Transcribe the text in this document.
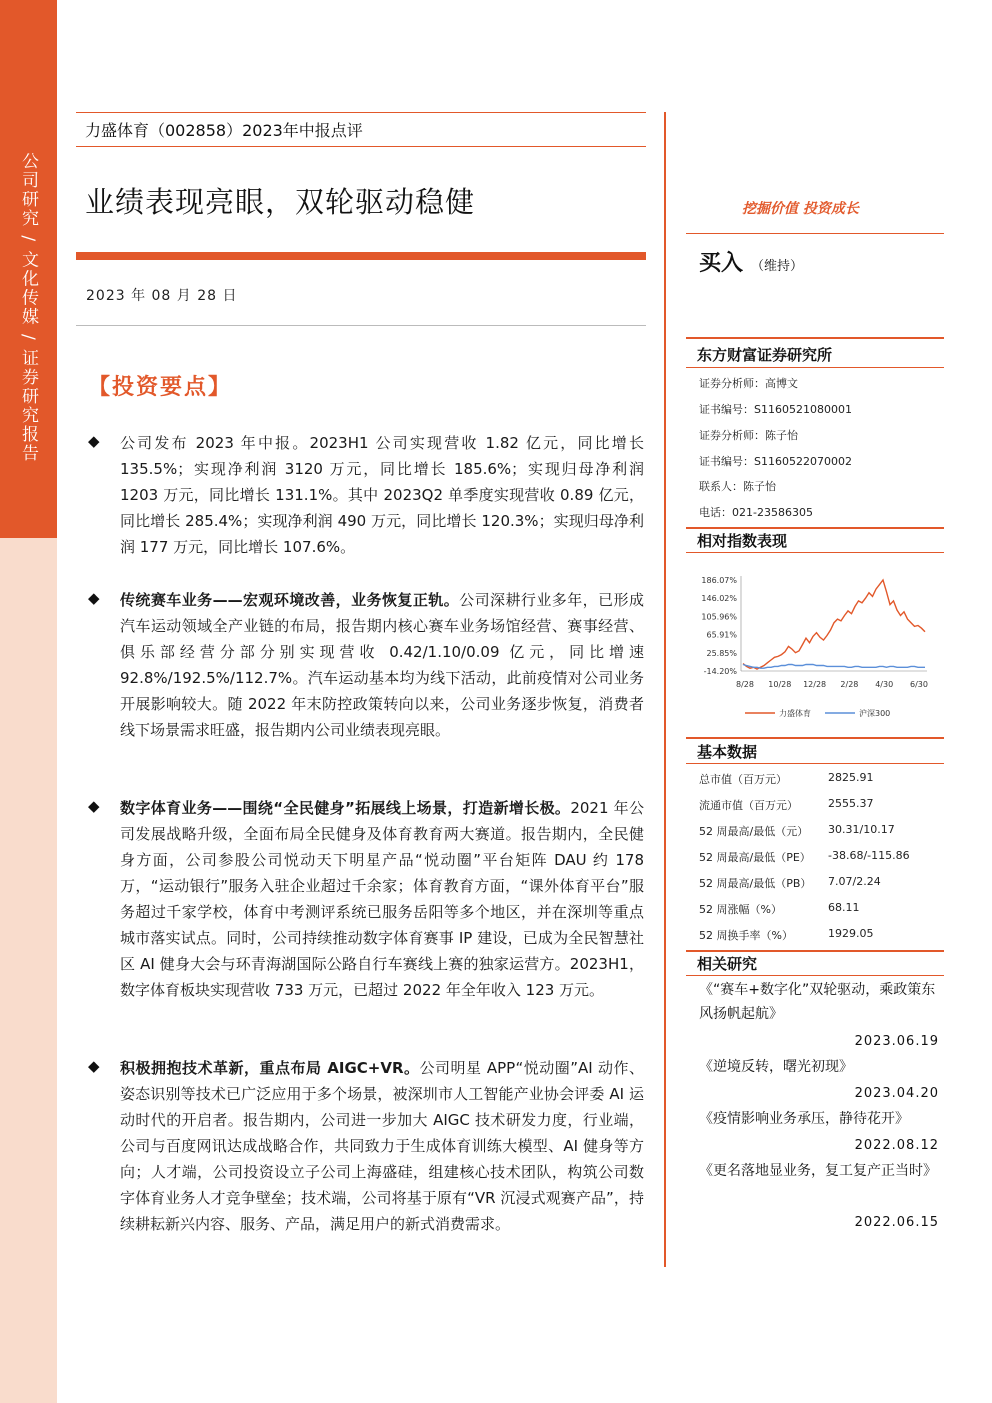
公司研究 / 文化传媒 / 证券研究报告
力盛体育（002858）2023年中报点评
业绩表现亮眼，双轮驱动稳健
2023 年 08 月 28 日
【投资要点】
◆ 公司发布 2023 年中报。2023H1 公司实现营收 1.82 亿元，同比增长 135.5%；实现净利润 3120 万元，同比增长 185.6%；实现归母净利润 1203 万元，同比增长 131.1%。其中 2023Q2 单季度实现营收 0.89 亿元，同比增长 285.4%；实现净利润 490 万元，同比增长 120.3%；实现归母净利润 177 万元，同比增长 107.6%。

◆ 传统赛车业务——宏观环境改善，业务恢复正轨。公司深耕行业多年，已形成汽车运动领域全产业链的布局，报告期内核心赛车业务场馆经营、赛事经营、俱乐部经营分部分别实现营收 0.42/1.10/0.09 亿元，同比增速 92.8%/192.5%/112.7%。汽车运动基本均为线下活动，此前疫情对公司业务开展影响较大。随 2022 年末防控政策转向以来，公司业务逐步恢复，消费者线下场景需求旺盛，报告期内公司业绩表现亮眼。

◆ 数字体育业务——围绕“全民健身”拓展线上场景，打造新增长极。2021 年公司发展战略升级，全面布局全民健身及体育教育两大赛道。报告期内，全民健身方面，公司参股公司悦动天下明星产品“悦动圈”平台矩阵 DAU 约 178 万，“运动银行”服务入驻企业超过千余家；体育教育方面，“课外体育平台”服务超过千家学校，体育中考测评系统已服务岳阳等多个地区，并在深圳等重点城市落实试点。同时，公司持续推动数字体育赛事 IP 建设，已成为全民智慧社区 AI 健身大会与环青海湖国际公路自行车赛线上赛的独家运营方。2023H1，数字体育板块实现营收 733 万元，已超过 2022 年全年收入 123 万元。

◆ 积极拥抱技术革新，重点布局 AIGC+VR。公司明星 APP“悦动圈”AI 动作、姿态识别等技术已广泛应用于多个场景，被深圳市人工智能产业协会评委 AI 运动时代的开启者。报告期内，公司进一步加大 AIGC 技术研发力度，行业端，公司与百度网讯达成战略合作，共同致力于生成体育训练大模型、AI 健身等方向；人才端，公司投资设立子公司上海盛硅，组建核心技术团队，构筑公司数字体育业务人才竞争壁垒；技术端，公司将基于原有“VR 沉浸式观赛产品”，持续耕耘新兴内容、服务、产品，满足用户的新式消费需求。

挖掘价值 投资成长
买入 （维持）
东方财富证券研究所
证券分析师：高博文
证书编号：S1160521080001
证券分析师：陈子怡
证书编号：S1160522070002
联系人：陈子怡
电话：021-23586305
相对指数表现
186.07%
146.02%
105.96%
65.91%
25.85%
-14.20%
8/28 10/28 12/28 2/28 4/30 6/30
力盛体育	沪深300
基本数据
总市值（百万元）	2825.91
流通市值（百万元）	2555.37
52 周最高/最低（元） 30.31/10.17
52 周最高/最低（PE） -38.68/-115.86
52 周最高/最低（PB） 7.07/2.24
52 周涨幅（%）	68.11
52 周换手率（%）	1929.05
相关研究
《“赛车+数字化”双轮驱动，乘政策东风扬帆起航》
2023.06.19
《逆境反转，曙光初现》
2023.04.20
《疫情影响业务承压，静待花开》
2022.08.12
《更名落地显业务，复工复产正当时》
2022.06.15
